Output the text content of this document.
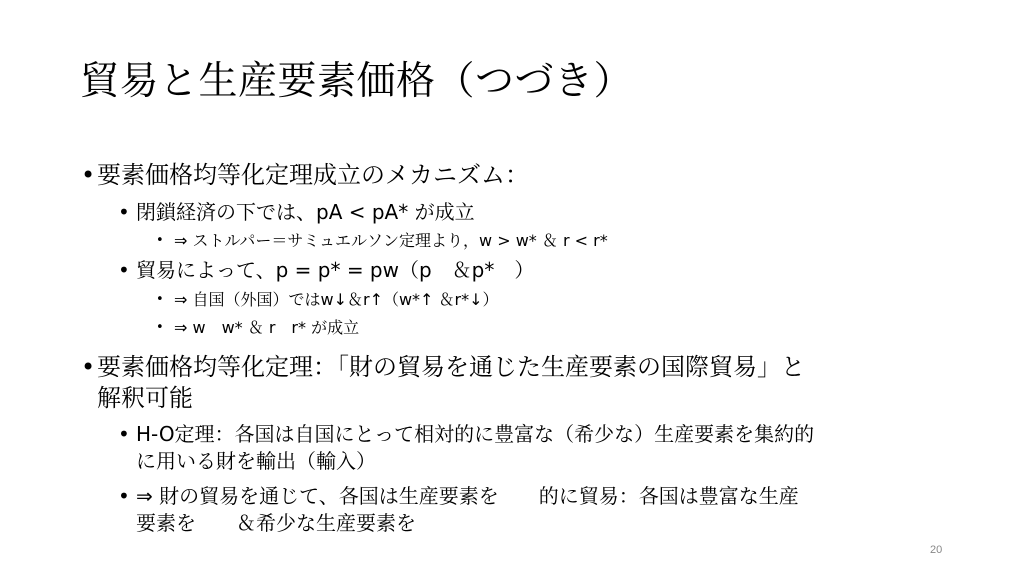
貿易と生産要素価格（つづき）
• 要素価格均等化定理成立のメカニズム：
• 閉鎖経済の下では、pA < pA* が成立
• ⇒ ストルパー＝サミュエルソン定理より，w > w* ＆ r < r*
• 貿易によって、p = p* = pw（p　＆p*　）
• ⇒ 自国（外国）ではw↓＆r↑（w*↑ ＆r*↓）
• ⇒ w　w* ＆ r　r* が成立
• 要素価格均等化定理：「財の貿易を通じた生産要素の国際貿易」と
解釈可能
• H-O定理：各国は自国にとって相対的に豊富な（希少な）生産要素を集約的
に用いる財を輸出（輸入）
• ⇒ 財の貿易を通じて、各国は生産要素を　　的に貿易：各国は豊富な生産
要素を　　＆希少な生産要素を
20
